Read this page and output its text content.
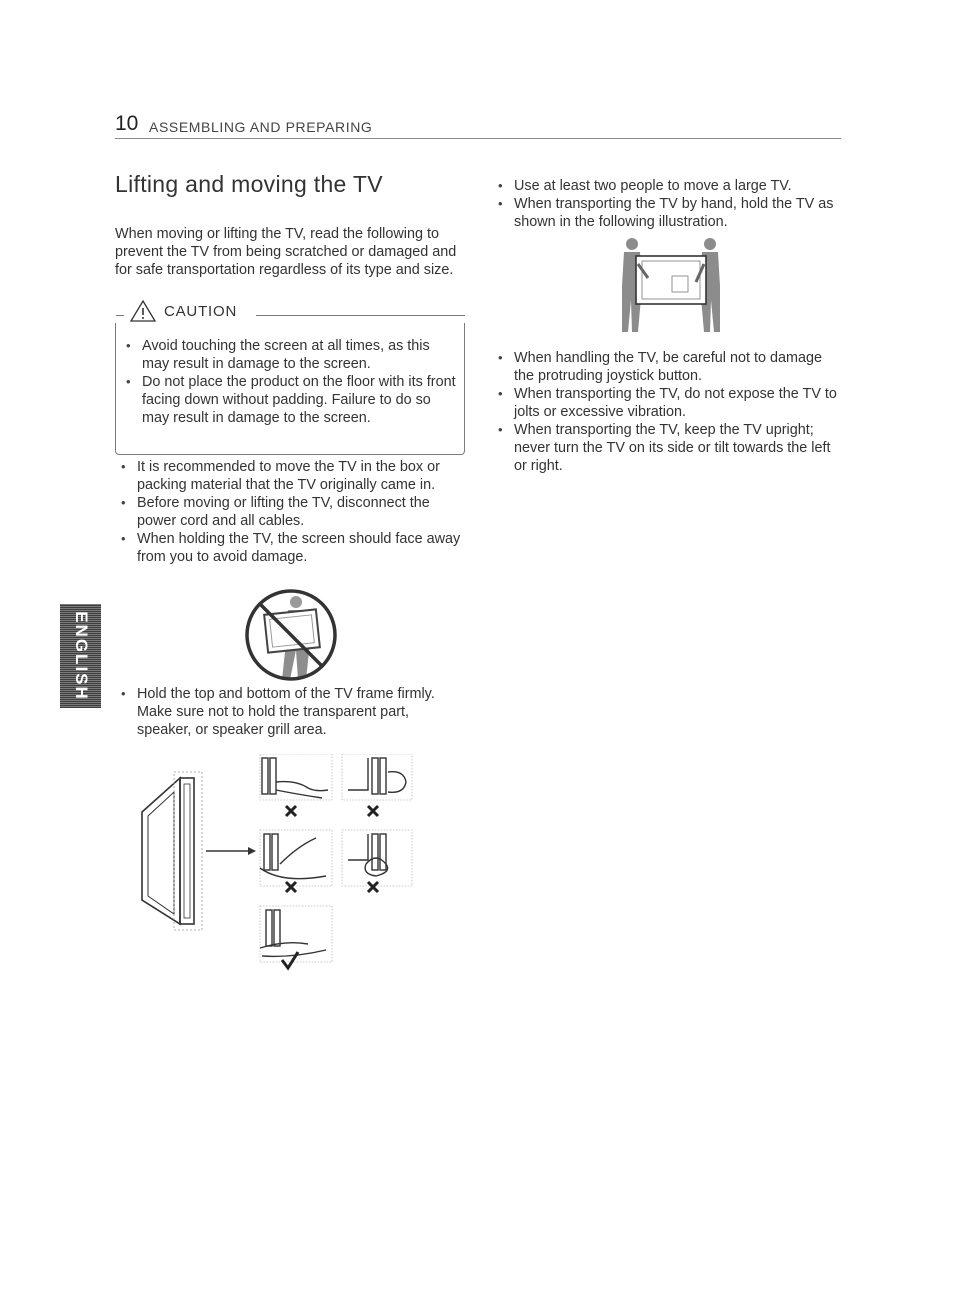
10 ASSEMBLING AND PREPARING
Lifting and moving the TV

When moving or lifting the TV, read the following to prevent the TV from being scratched or damaged and for safe transportation regardless of its type and size.

CAUTION
• Avoid touching the screen at all times, as this may result in damage to the screen.
• Do not place the product on the floor with its front facing down without padding. Failure to do so may result in damage to the screen.
• It is recommended to move the TV in the box or packing material that the TV originally came in.
• Before moving or lifting the TV, disconnect the power cord and all cables.
• When holding the TV, the screen should face away from you to avoid damage.
• Hold the top and bottom of the TV frame firmly. Make sure not to hold the transparent part, speaker, or speaker grill area.
• Use at least two people to move a large TV.
• When transporting the TV by hand, hold the TV as shown in the following illustration.
• When handling the TV, be careful not to damage the protruding joystick button.
• When transporting the TV, do not expose the TV to jolts or excessive vibration.
• When transporting the TV, keep the TV upright; never turn the TV on its side or tilt towards the left or right.
ENGLISH
